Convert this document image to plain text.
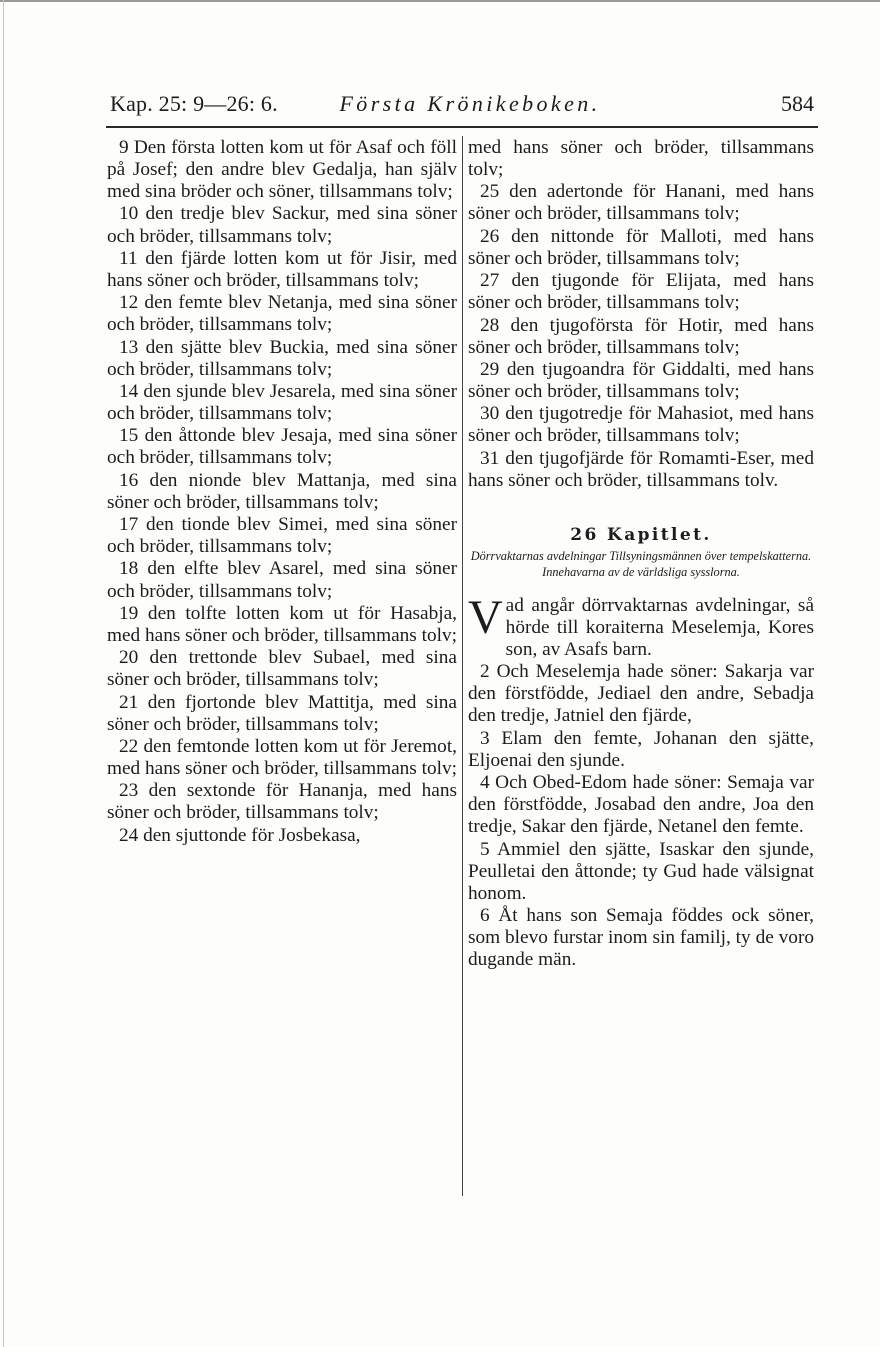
Kap. 25: 9—26: 6.	Första Krönikeboken.	584

9 Den första lotten kom ut för Asaf och föll på Josef; den andre blev Gedalja, han själv med sina bröder och söner, tillsammans tolv;

10 den tredje blev Sackur, med sina söner och bröder, tillsammans tolv;

11 den fjärde lotten kom ut för Jisir, med hans söner och bröder, tillsammans tolv;

12 den femte blev Netanja, med sina söner och bröder, tillsammans tolv;

13 den sjätte blev Buckia, med sina söner och bröder, tillsammans tolv;

14 den sjunde blev Jesarela, med sina söner och bröder, tillsammans tolv;

15 den åttonde blev Jesaja, med sina söner och bröder, tillsammans tolv;

16 den nionde blev Mattanja, med sina söner och bröder, tillsammans tolv;

17 den tionde blev Simei, med sina söner och bröder, tillsammans tolv;

18 den elfte blev Asarel, med sina söner och bröder, tillsammans tolv;

19 den tolfte lotten kom ut för Hasabja, med hans söner och bröder, tillsammans tolv;

20 den trettonde blev Subael, med sina söner och bröder, tillsammans tolv;

21 den fjortonde blev Mattitja, med sina söner och bröder, tillsammans tolv;

22 den femtonde lotten kom ut för Jeremot, med hans söner och bröder, tillsammans tolv;

23 den sextonde för Hananja, med hans söner och bröder, tillsammans tolv;

24 den sjuttonde för Josbekasa,

med hans söner och bröder, tillsammans tolv;

25 den adertonde för Hanani, med hans söner och bröder, tillsammans tolv;

26 den nittonde för Malloti, med hans söner och bröder, tillsammans tolv;

27 den tjugonde för Elijata, med hans söner och bröder, tillsammans tolv;

28 den tjugoförsta för Hotir, med hans söner och bröder, tillsammans tolv;

29 den tjugoandra för Giddalti, med hans söner och bröder, tillsammans tolv;

30 den tjugotredje för Mahasiot, med hans söner och bröder, tillsammans tolv;

31 den tjugofjärde för Romamti-Eser, med hans söner och bröder, tillsammans tolv.

26 Kapitlet.
Dörrvaktarnas avdelningar Tillsyningsmännen över tempelskatterna. Innehavarna av de världsliga sysslorna.

Vad angår dörrvaktarnas avdelningar, så hörde till koraiterna Meselemja, Kores son, av Asafs barn.

2 Och Meselemja hade söner: Sakarja var den förstfödde, Jediael den andre, Sebadja den tredje, Jatniel den fjärde,

3 Elam den femte, Johanan den sjätte, Eljoenai den sjunde.

4 Och Obed-Edom hade söner: Semaja var den förstfödde, Josabad den andre, Joa den tredje, Sakar den fjärde, Netanel den femte.

5 Ammiel den sjätte, Isaskar den sjunde, Peulletai den åttonde; ty Gud hade välsignat honom.

6 Åt hans son Semaja föddes ock söner, som blevo furstar inom sin familj, ty de voro dugande män.
